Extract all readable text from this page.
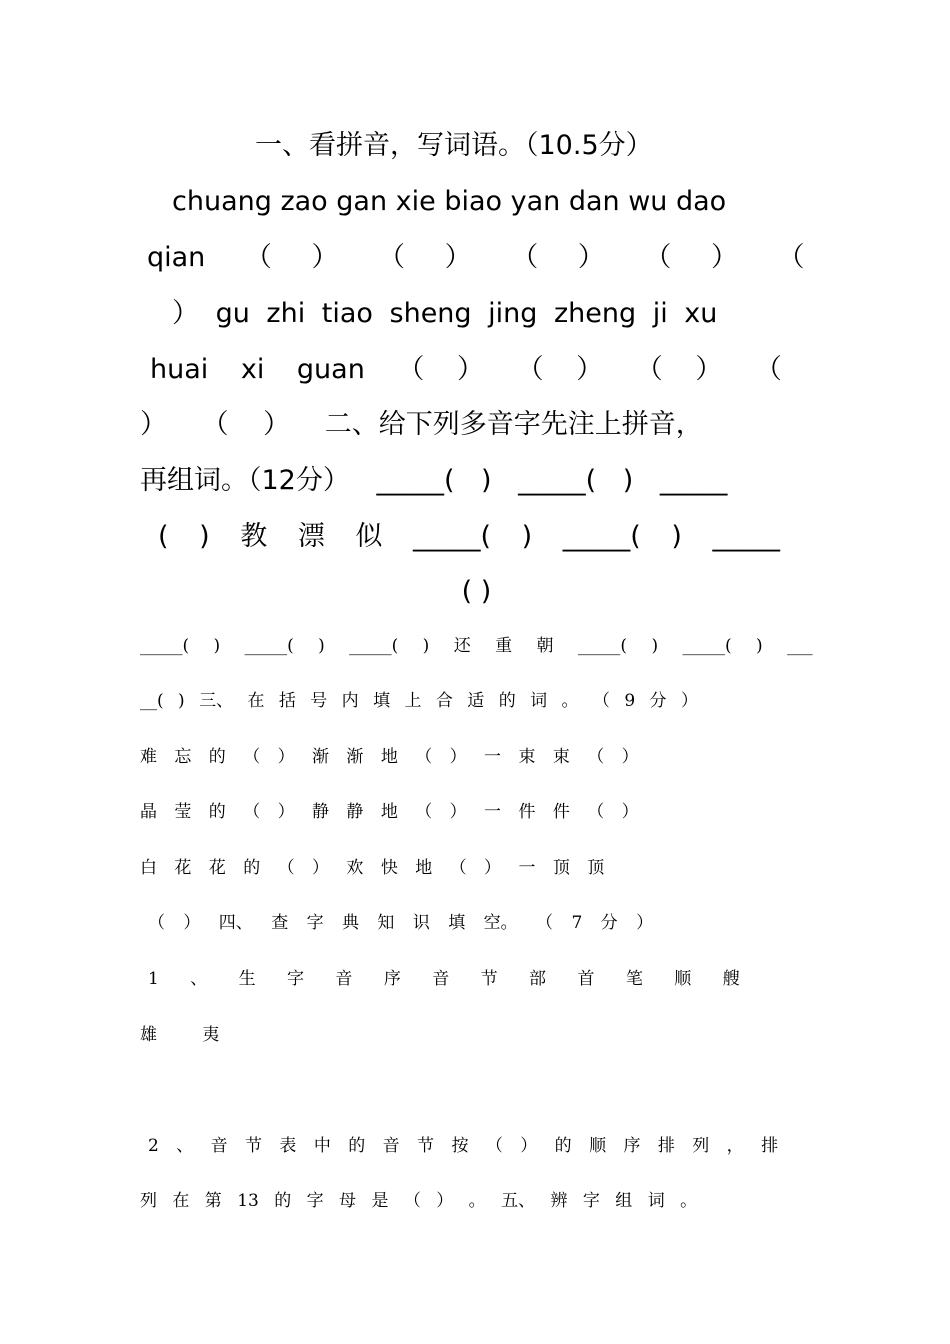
一、看拼音，写词语。（10.5分）
chuang zao gan xie biao yan dan wu dao
qian （ ） （ ） （ ） （ ） （
） gu zhi tiao sheng jing zheng ji xu
huai xi guan （ ） （ ） （ ） （
） （ ） 二、给下列多音字先注上拼音，
再组词。（12分） _____( ) _____( ) _____
( ) 教 漂 似 _____( ) _____( ) _____
( )
_____( ) _____( ) _____( ) 还 重 朝 _____( ) _____( ) ___
__( ) 三、 在 括 号 内 填 上 合 适 的 词 。 （ 9 分 ）
难 忘 的 （ ） 渐 渐 地 （ ） 一 束 束 （ ）
晶 莹 的 （ ） 静 静 地 （ ） 一 件 件 （ ）
白 花 花 的 （ ） 欢 快 地 （ ） 一 顶 顶
（ ） 四、 查 字 典 知 识 填 空。 （ 7 分 ）
1 、 生 字 音 序 音 节 部 首 笔 顺 艘
雄 夷
2 、 音 节 表 中 的 音 节 按 （ ） 的 顺 序 排 列 ， 排
列 在 第 13 的 字 母 是 （ ） 。 五、 辨 字 组 词 。
